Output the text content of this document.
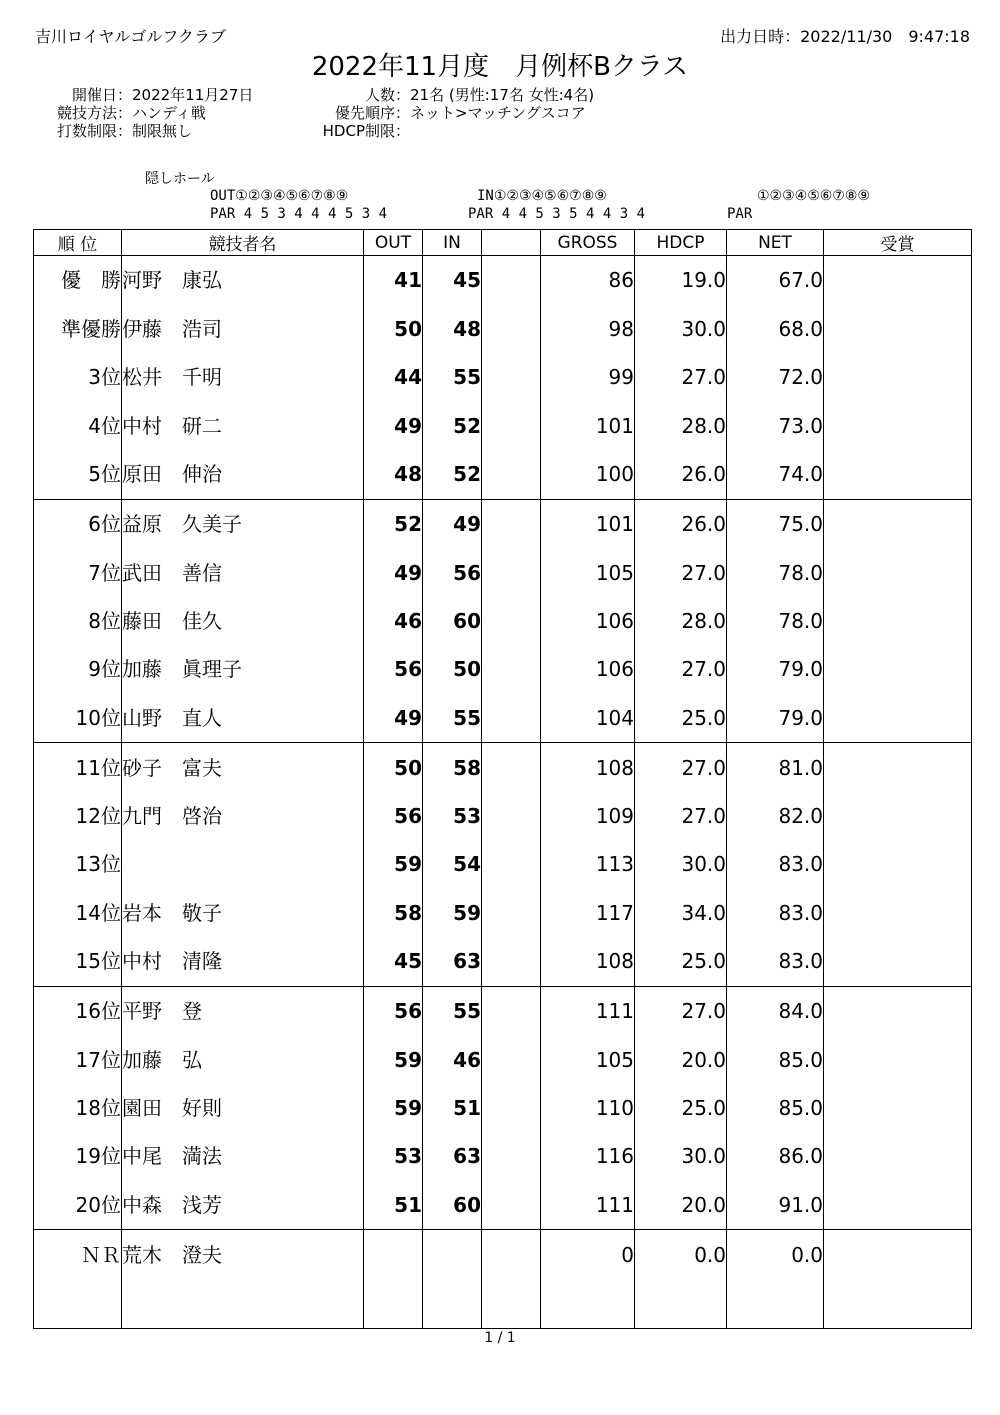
吉川ロイヤルゴルフクラブ	出力日時：2022/11/30　9:47:18
2022年11月度　月例杯Bクラス
開催日：2022年11月27日
競技方法：ハンディ戦
打数制限：制限無し
人数：21名 (男性:17名 女性:4名)
優先順序：ネット>マッチングスコア
HDCP制限：
隠しホール
OUT①②③④⑤⑥⑦⑧⑨
PAR 4 5 3 4 4 4 5 3 4
IN①②③④⑤⑥⑦⑧⑨
PAR 4 4 5 3 5 4 4 3 4
①②③④⑤⑥⑦⑧⑨
PAR
順 位	競技者名	OUT	IN		GROSS	HDCP	NET	受賞
優　勝	河野　康弘	41	45		86	19.0	67.0	
準優勝	伊藤　浩司	50	48		98	30.0	68.0	
3位	松井　千明	44	55		99	27.0	72.0	
4位	中村　研二	49	52		101	28.0	73.0	
5位	原田　伸治	48	52		100	26.0	74.0	
6位	益原　久美子	52	49		101	26.0	75.0	
7位	武田　善信	49	56		105	27.0	78.0	
8位	藤田　佳久	46	60		106	28.0	78.0	
9位	加藤　眞理子	56	50		106	27.0	79.0	
10位	山野　直人	49	55		104	25.0	79.0	
11位	砂子　富夫	50	58		108	27.0	81.0	
12位	九門　啓治	56	53		109	27.0	82.0	
13位		59	54		113	30.0	83.0	
14位	岩本　敬子	58	59		117	34.0	83.0	
15位	中村　清隆	45	63		108	25.0	83.0	
16位	平野　登	56	55		111	27.0	84.0	
17位	加藤　弘	59	46		105	20.0	85.0	
18位	園田　好則	59	51		110	25.0	85.0	
19位	中尾　満法	53	63		116	30.0	86.0	
20位	中森　浅芳	51	60		111	20.0	91.0	
ＮＲ	荒木　澄夫				0	0.0	0.0	

1 / 1
